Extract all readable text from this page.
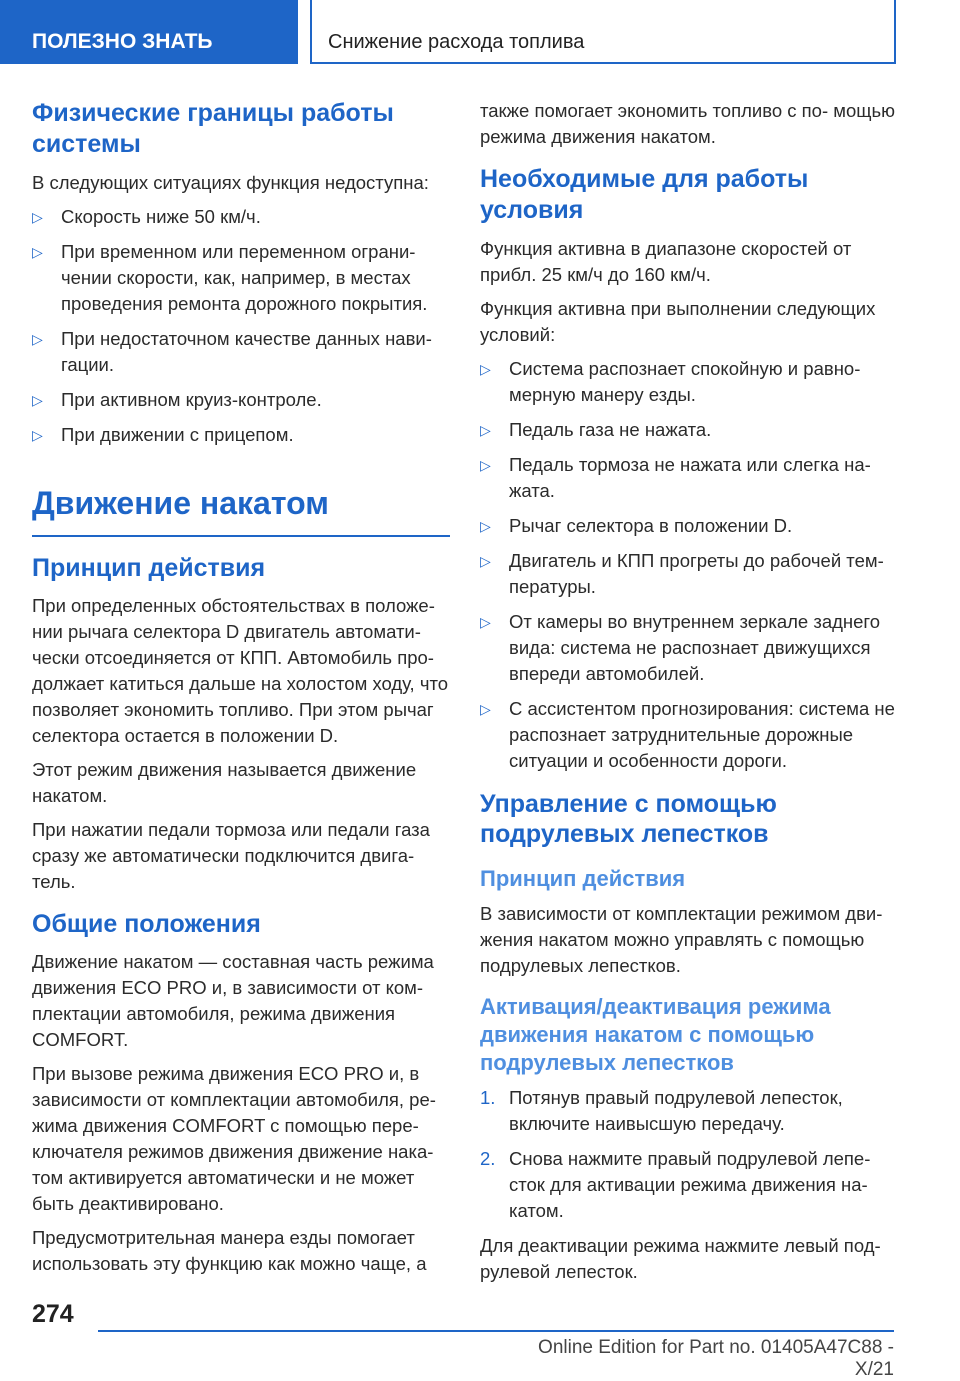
ПОЛЕЗНО ЗНАТЬ	Снижение расхода топлива
Физические границы работы системы
В следующих ситуациях функция недоступна:
▷ Скорость ниже 50 км/ч.
▷ При временном или переменном ограни- чении скорости, как, например, в местах проведения ремонта дорожного покрытия.
▷ При недостаточном качестве данных нави- гации.
▷ При активном круиз-контроле.
▷ При движении с прицепом.
Движение накатом
Принцип действия
При определенных обстоятельствах в положе- нии рычага селектора D двигатель автомати- чески отсоединяется от КПП. Автомобиль про- должает катиться дальше на холостом ходу, что позволяет экономить топливо. При этом рычаг селектора остается в положении D.
Этот режим движения называется движение накатом.
При нажатии педали тормоза или педали газа сразу же автоматически подключится двига- тель.
Общие положения
Движение накатом — составная часть режима движения ECO PRO и, в зависимости от ком- плектации автомобиля, режима движения COMFORT.
При вызове режима движения ECO PRO и, в зависимости от комплектации автомобиля, ре- жима движения COMFORT с помощью пере- ключателя режимов движения движение нака- том активируется автоматически и не может быть деактивировано.
Предусмотрительная манера езды помогает использовать эту функцию как можно чаще, а
также помогает экономить топливо с по- мощью режима движения накатом.
Необходимые для работы условия
Функция активна в диапазоне скоростей от прибл. 25 км/ч до 160 км/ч.
Функция активна при выполнении следующих условий:
▷ Система распознает спокойную и равно- мерную манеру езды.
▷ Педаль газа не нажата.
▷ Педаль тормоза не нажата или слегка на- жата.
▷ Рычаг селектора в положении D.
▷ Двигатель и КПП прогреты до рабочей тем- пературы.
▷ От камеры во внутреннем зеркале заднего вида: система не распознает движущихся впереди автомобилей.
▷ С ассистентом прогнозирования: система не распознает затруднительные дорожные ситуации и особенности дороги.
Управление с помощью подрулевых лепестков
Принцип действия
В зависимости от комплектации режимом дви- жения накатом можно управлять с помощью подрулевых лепестков.
Активация/деактивация режима движения накатом с помощью подрулевых лепестков
1. Потянув правый подрулевой лепесток, включите наивысшую передачу.
2. Снова нажмите правый подрулевой лепе- сток для активации режима движения на- катом.
Для деактивации режима нажмите левый под- рулевой лепесток.
274
Online Edition for Part no. 01405A47C88 - X/21
